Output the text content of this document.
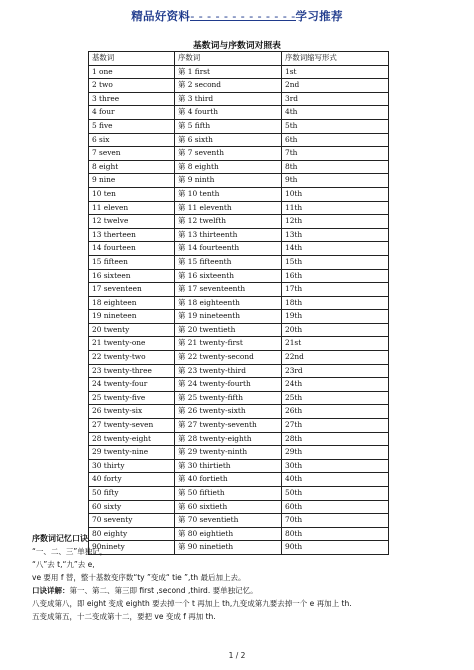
精品好资料- - - - - - - - - - - - -学习推荐
基数词与序数词对照表
基数词	序数词	序数词缩写形式
1 one	第 1 first	1st
2 two	第 2 second	2nd
3 three	第 3 third	3rd
4 four	第 4 fourth	4th
5 five	第 5 fifth	5th
6 six	第 6 sixth	6th
7 seven	第 7 seventh	7th
8 eight	第 8 eighth	8th
9 nine	第 9 ninth	9th
10 ten	第 10 tenth	10th
11 eleven	第 11 eleventh	11th
12 twelve	第 12 twelfth	12th
13 therteen	第 13 thirteenth	13th
14 fourteen	第 14 fourteenth	14th
15 fifteen	第 15 fifteenth	15th
16 sixteen	第 16 sixteenth	16th
17 seventeen	第 17 seventeenth	17th
18 eighteen	第 18 eighteenth	18th
19 nineteen	第 19 nineteenth	19th
20 twenty	第 20 twentieth	20th
21 twenty-one	第 21 twenty-first	21st
22 twenty-two	第 22 twenty-second	22nd
23 twenty-three	第 23 twenty-third	23rd
24 twenty-four	第 24 twenty-fourth	24th
25 twenty-five	第 25 twenty-fifth	25th
26 twenty-six	第 26 twenty-sixth	26th
27 twenty-seven	第 27 twenty-seventh	27th
28 twenty-eight	第 28 twenty-eighth	28th
29 twenty-nine	第 29 twenty-ninth	29th
30 thirty	第 30 thirtieth	30th
40 forty	第 40 fortieth	40th
50 fifty	第 50 fiftieth	50th
60 sixty	第 60 sixtieth	60th
70 seventy	第 70 seventieth	70th
80 eighty	第 80 eightieth	80th
90ninety	第 90 ninetieth	90th

序数词记忆口诀

“一、二、三”单独记，

“八”去 t,“九”去 e,

ve 要用 f 替，整十基数变序数“ty ”变成“ tie ”,th 最后加上去。

口诀详解：第一、第二、第三即 first ,second ,third. 要单独记忆。

八变成第八，即 eight 变成 eighth 要去掉一个 t 再加上 th,九变成第九要去掉一个 e 再加上 th.

五变成第五，十二变成第十二，要把 ve 变成 f 再加 th.

1 / 2
